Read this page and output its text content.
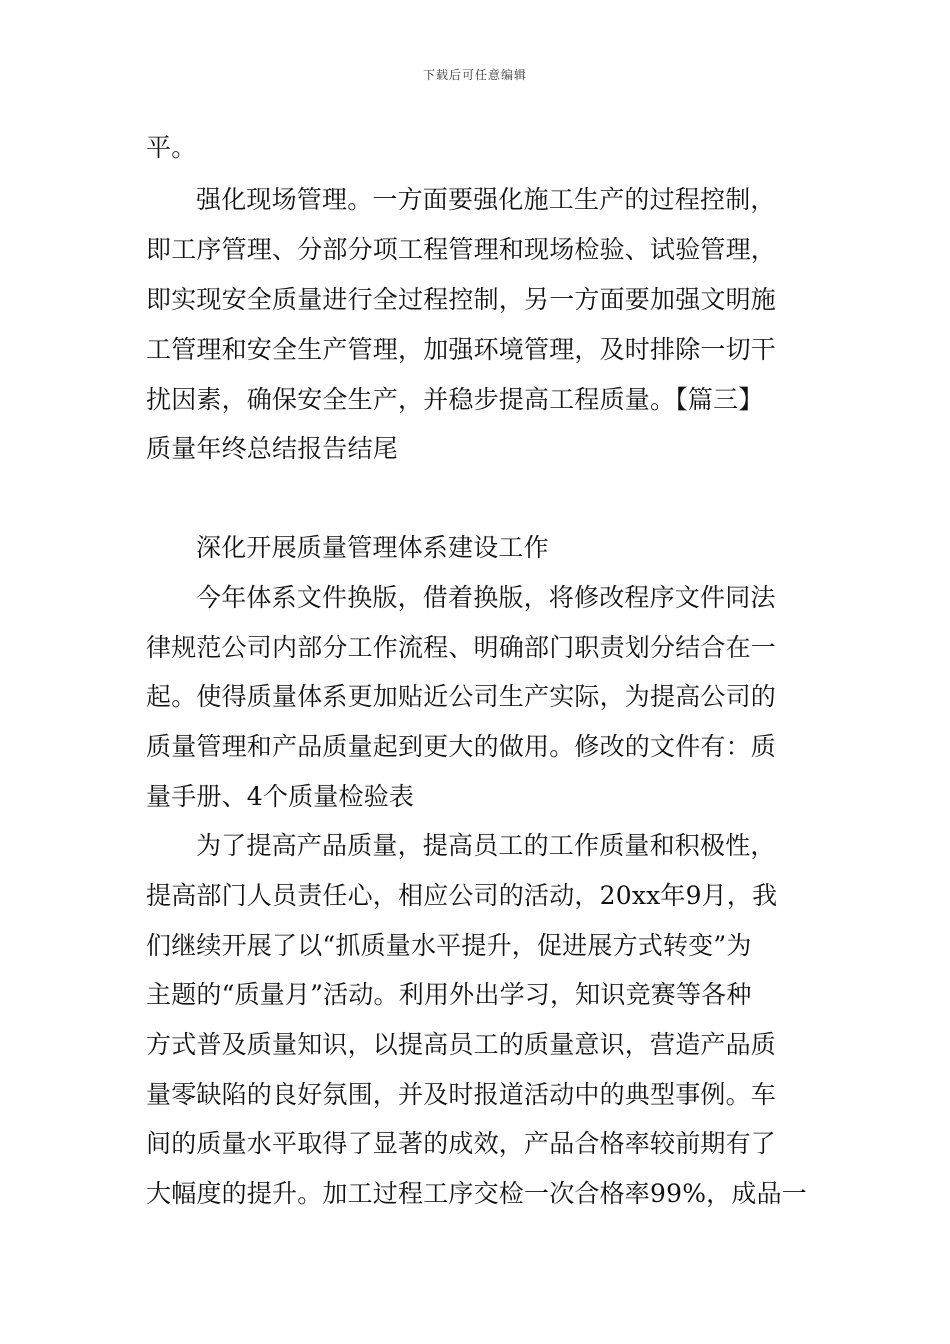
下载后可任意编辑
平。
强化现场管理。一方面要强化施工生产的过程控制，
即工序管理、分部分项工程管理和现场检验、试验管理，
即实现安全质量进行全过程控制，另一方面要加强文明施
工管理和安全生产管理，加强环境管理，及时排除一切干
扰因素，确保安全生产，并稳步提高工程质量。【篇三】
质量年终总结报告结尾
深化开展质量管理体系建设工作
今年体系文件换版，借着换版，将修改程序文件同法
律规范公司内部分工作流程、明确部门职责划分结合在一
起。使得质量体系更加贴近公司生产实际，为提高公司的
质量管理和产品质量起到更大的做用。修改的文件有：质
量手册、4个质量检验表
为了提高产品质量，提高员工的工作质量和积极性，
提高部门人员责任心，相应公司的活动，20xx年9月，我
们继续开展了以“抓质量水平提升，促进展方式转变”为
主题的“质量月”活动。利用外出学习，知识竞赛等各种
方式普及质量知识，以提高员工的质量意识，营造产品质
量零缺陷的良好氛围，并及时报道活动中的典型事例。车
间的质量水平取得了显著的成效，产品合格率较前期有了
大幅度的提升。加工过程工序交检一次合格率99%，成品一
